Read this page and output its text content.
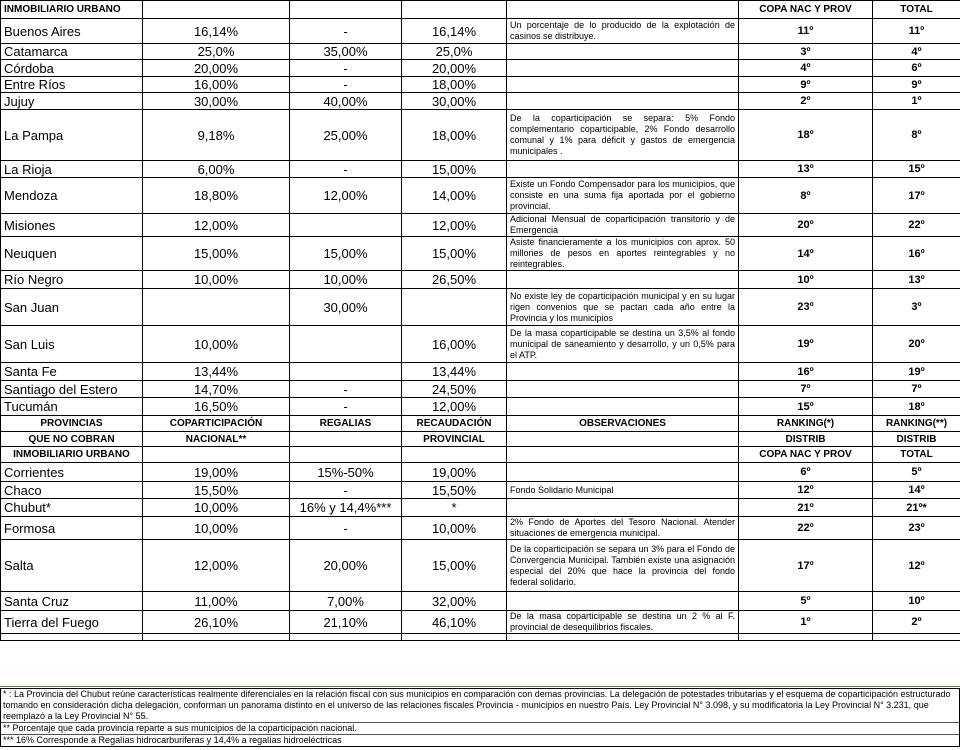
INMOBILIARIO URBANO					COPA NAC Y PROV	TOTAL
Buenos Aires	16,14%	-	16,14%	Un porcentaje de lo producido de la explotación de casinos se distribuye.	11º	11º
Catamarca	25,0%	35,00%	25,0%		3º	4º
Córdoba	20,00%	-	20,00%		4º	6º
Entre Ríos	16,00%	-	18,00%		9º	9º
Jujuy	30,00%	40,00%	30,00%		2º	1º
La Pampa	9,18%	25,00%	18,00%	De la coparticipación se separa: 5% Fondo complementario coparticipable, 2% Fondo desarrollo comunal y 1% para déficit y gastos de emergencia municipales .	18º	8º
La Rioja	6,00%	-	15,00%		13º	15º
Mendoza	18,80%	12,00%	14,00%	Existe un Fondo Compensador para los municipios, que consiste en una suma fija aportada por el gobierno provincial.	8º	17º
Misiones	12,00%		12,00%	Adicional Mensual de coparticipación transitorio y de Emergencia	20º	22º
Neuquen	15,00%	15,00%	15,00%	Asiste financieramente a los municipios con aprox. 50 millones de pesos en aportes reintegrables y no reintegrables.	14º	16º
Río Negro	10,00%	10,00%	26,50%		10º	13º
San Juan		30,00%		No existe ley de coparticipación municipal y en su lugar rigen convenios que se pactan cada año entre la Provincia y los municipios	23º	3º
San Luis	10,00%		16,00%	De la masa coparticipable se destina un 3,5% al fondo municipal de saneamiento y desarrollo, y un 0,5% para el ATP.	19º	20º
Santa Fe	13,44%		13,44%		16º	19º
Santiago del Estero	14,70%	-	24,50%		7º	7º
Tucumán	16,50%	-	12,00%		15º	18º
PROVINCIAS	COPARTICIPACIÓN	REGALIAS	RECAUDACIÓN	OBSERVACIONES	RANKING(*)	RANKING(**)
QUE NO COBRAN	NACIONAL**		PROVINCIAL		DISTRIB	DISTRIB
INMOBILIARIO URBANO					COPA NAC Y PROV	TOTAL
Corrientes	19,00%	15%-50%	19,00%		6º	5º
Chaco	15,50%	-	15,50%	Fondo Solidario Municipal	12º	14º
Chubut*	10,00%	16% y 14,4%***	*		21º	21º*
Formosa	10,00%	-	10,00%	2% Fondo de Aportes del Tesoro Nacional. Atender situaciones de emergencia municipal.	22º	23º
Salta	12,00%	20,00%	15,00%	De la coparticipación se separa un 3% para el Fondo de Convergencia Municipal. También existe una asignación especial del 20% que hace la provincia del fondo federal solidario.	17º	12º
Santa Cruz	11,00%	7,00%	32,00%		5º	10º
Tierra del Fuego	26,10%	21,10%	46,10%	De la masa coparticipable se destina un 2 % al F. provincial de desequilibrios fiscales.	1º	2º

* : La Provincia del Chubut reúne características realmente diferenciales en la relación fiscal con sus municipios en comparación con demas provincias. La delegación de potestades tributarias y el esquema de coparticipación estructurado tomando en consideración dicha delegación, conforman un panorama distinto en el universo de las relaciones fiscales Provincia - municipios en nuestro País. Ley Provincial N° 3.098, y su modificatoria la Ley Provincial N° 3.231, que reemplazó a la Ley Provincial N° 55.
** Porcentaje que cada provincia reparte a sus municipios de la coparticipación nacional.
*** 16% Corresponde a Regalías hidrocarburiferas y 14,4% a regalías hidroeléctricas
